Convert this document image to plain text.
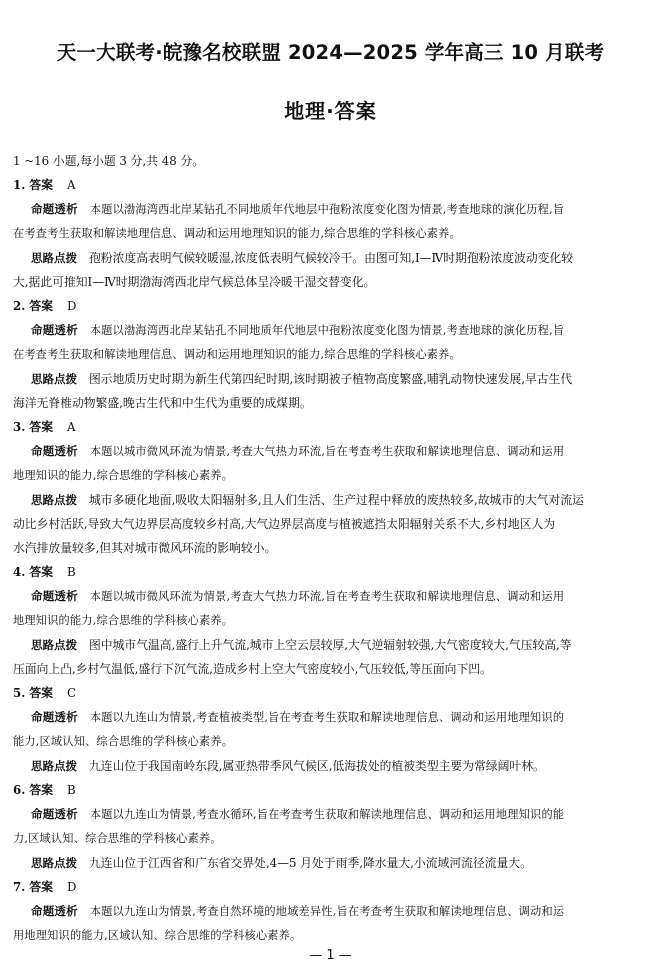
天一大联考·皖豫名校联盟 2024—2025 学年高三 10 月联考
地理·答案
1 ~16 小题,每小题 3 分,共 48 分。
1. 答案 A
命题透析 本题以渤海湾西北岸某钻孔不同地质年代地层中孢粉浓度变化图为情景,考查地球的演化历程,旨
在考查考生获取和解读地理信息、调动和运用地理知识的能力,综合思维的学科核心素养。
思路点拨 孢粉浓度高表明气候较暖湿,浓度低表明气候较冷干。由图可知,Ⅰ—Ⅳ时期孢粉浓度波动变化较
大,据此可推知Ⅰ—Ⅳ时期渤海湾西北岸气候总体呈冷暖干湿交替变化。
2. 答案 D
命题透析 本题以渤海湾西北岸某钻孔不同地质年代地层中孢粉浓度变化图为情景,考查地球的演化历程,旨
在考查考生获取和解读地理信息、调动和运用地理知识的能力,综合思维的学科核心素养。
思路点拨 图示地质历史时期为新生代第四纪时期,该时期被子植物高度繁盛,哺乳动物快速发展,早古生代
海洋无脊椎动物繁盛,晚古生代和中生代为重要的成煤期。
3. 答案 A
命题透析 本题以城市微风环流为情景,考查大气热力环流,旨在考查考生获取和解读地理信息、调动和运用
地理知识的能力,综合思维的学科核心素养。
思路点拨 城市多硬化地面,吸收太阳辐射多,且人们生活、生产过程中释放的废热较多,故城市的大气对流运
动比乡村活跃,导致大气边界层高度较乡村高,大气边界层高度与植被遮挡太阳辐射关系不大,乡村地区人为
水汽排放量较多,但其对城市微风环流的影响较小。
4. 答案 B
命题透析 本题以城市微风环流为情景,考查大气热力环流,旨在考查考生获取和解读地理信息、调动和运用
地理知识的能力,综合思维的学科核心素养。
思路点拨 图中城市气温高,盛行上升气流,城市上空云层较厚,大气逆辐射较强,大气密度较大,气压较高,等
压面向上凸,乡村气温低,盛行下沉气流,造成乡村上空大气密度较小,气压较低,等压面向下凹。
5. 答案 C
命题透析 本题以九连山为情景,考查植被类型,旨在考查考生获取和解读地理信息、调动和运用地理知识的
能力,区域认知、综合思维的学科核心素养。
思路点拨 九连山位于我国南岭东段,属亚热带季风气候区,低海拔处的植被类型主要为常绿阔叶林。
6. 答案 B
命题透析 本题以九连山为情景,考查水循环,旨在考查考生获取和解读地理信息、调动和运用地理知识的能
力,区域认知、综合思维的学科核心素养。
思路点拨 九连山位于江西省和广东省交界处,4—5 月处于雨季,降水量大,小流域河流径流量大。
7. 答案 D
命题透析 本题以九连山为情景,考查自然环境的地域差异性,旨在考查考生获取和解读地理信息、调动和运
用地理知识的能力,区域认知、综合思维的学科核心素养。
— 1 —
